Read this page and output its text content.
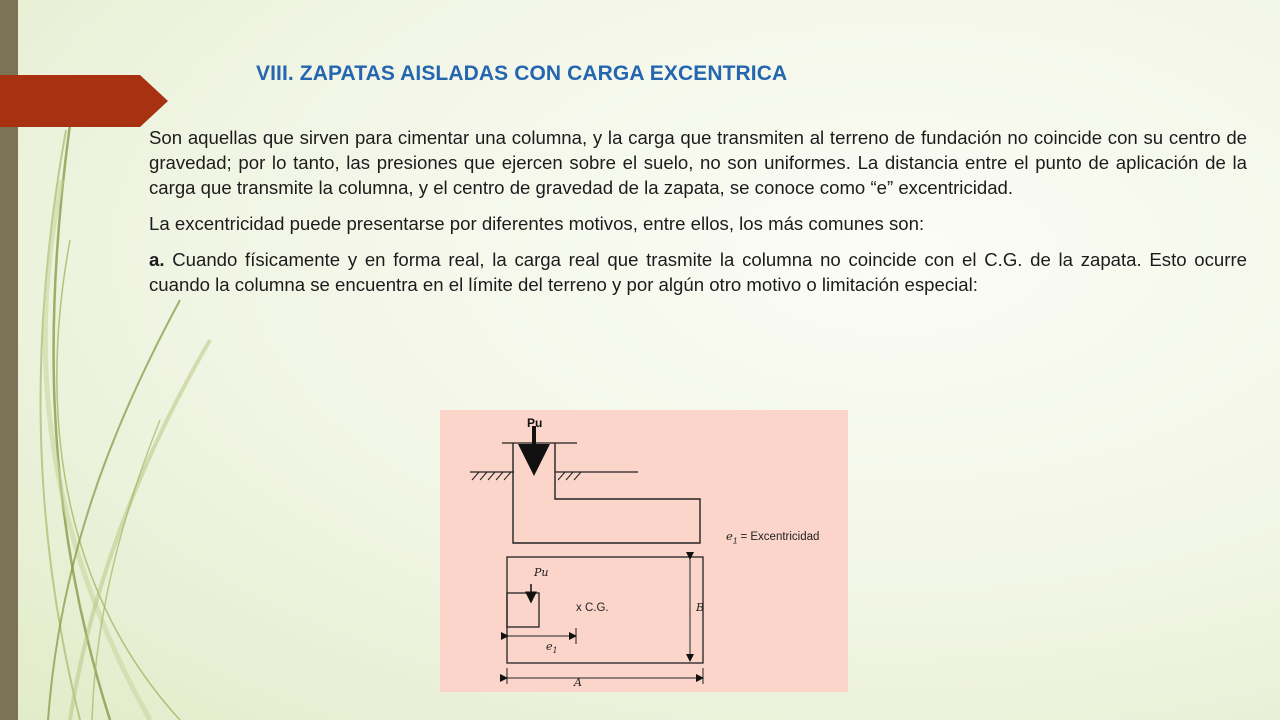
VIII. ZAPATAS AISLADAS CON CARGA EXCENTRICA

Son aquellas que sirven para cimentar una columna, y la carga que transmiten al terreno de fundación no coincide con su centro de gravedad; por lo tanto, las presiones que ejercen sobre el suelo, no son uniformes. La distancia entre el punto de aplicación de la carga que transmite la columna, y el centro de gravedad de la zapata, se conoce como “e” excentricidad.

La excentricidad puede presentarse por diferentes motivos, entre ellos, los más comunes son:

a. Cuando físicamente y en forma real, la carga real que trasmite la columna no coincide con el C.G. de la zapata. Esto ocurre cuando la columna se encuentra en el límite del terreno y por algún otro motivo o limitación especial:

Pu
$e_1$ = Excentricidad
Pu
x C.G.
$e_1$
B
A
